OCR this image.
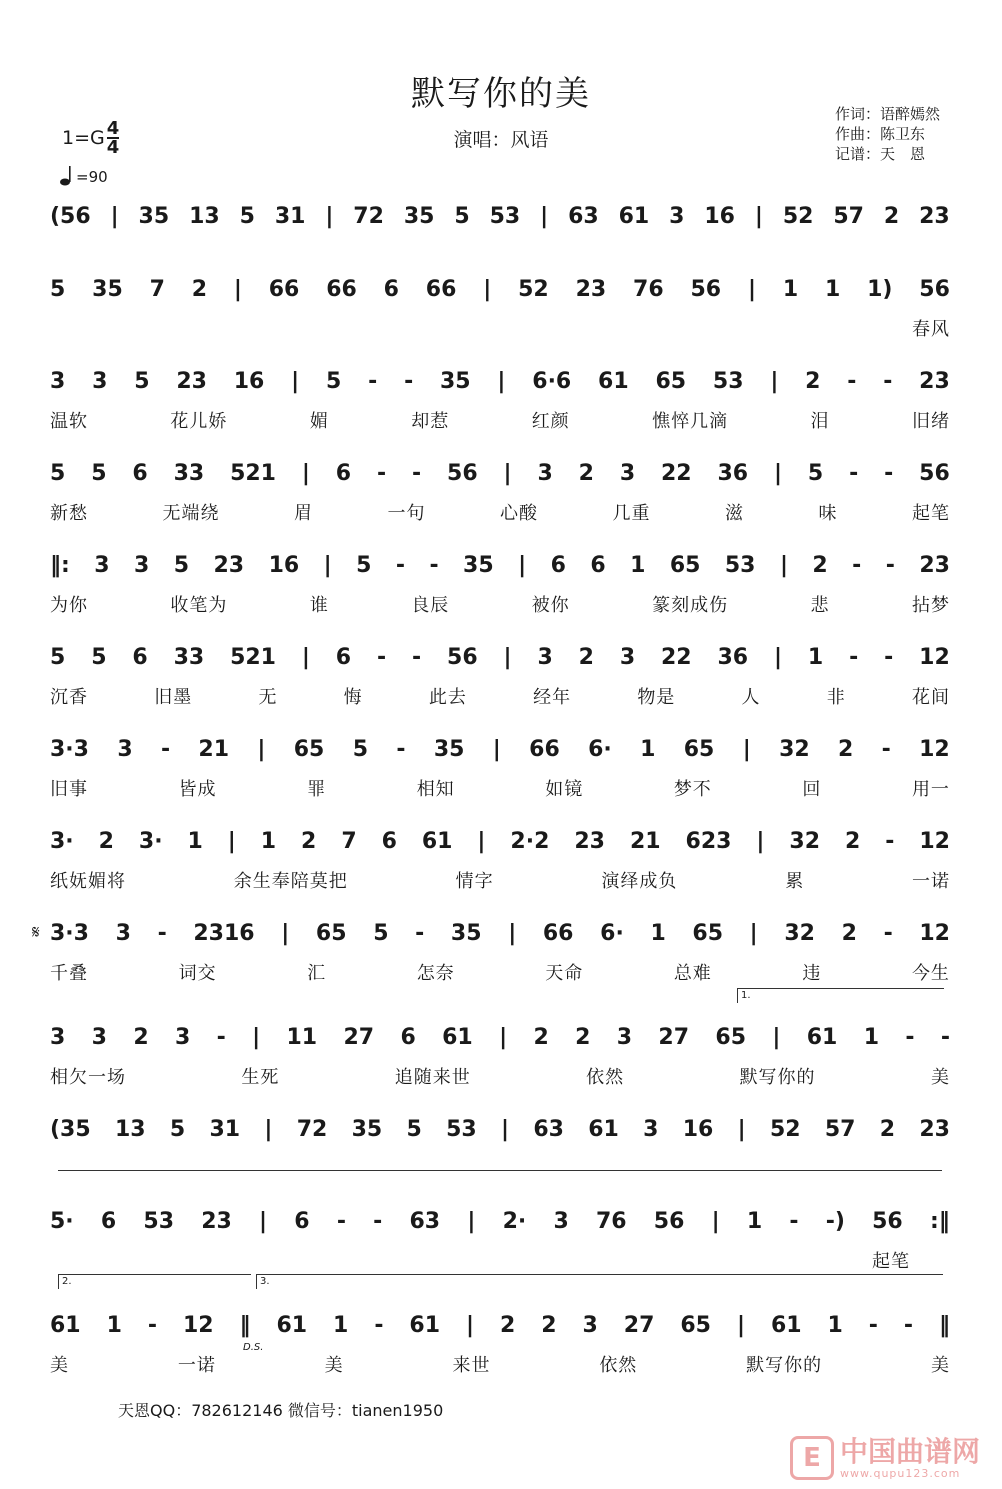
默写你的美
演唱：风语
作词：语醉嫣然
作曲：陈卫东
记谱：天　恩
$1=G \frac{4}{4}$
=90
(56 | 35 13 5 31 | 72 35 5 53 | 63 61 3 16 | 52 57 2 23
5 35 7 2 | 66 66 6 66 | 52 23 76 56 | 1 1 1) 56
春风
3 3 5 23 16 | 5 - - 35 | 6·6 61 65 53 | 2 - - 23
温软	花儿娇	媚	却惹	红颜	憔悴几滴	泪	旧绪
5 5 6 33 521 | 6 - - 56 | 3 2 3 22 36 | 5 - - 56
新愁	无端绕	眉	一句	心酸	几重	滋	味	起笔
‖: 3 3 5 23 16 | 5 - - 35 | 6 6 1 65 53 | 2 - - 23
为你	收笔为	谁	良辰	被你	篆刻成伤	悲	拈梦
5 5 6 33 521 | 6 - - 56 | 3 2 3 22 36 | 1 - - 12
沉香	旧墨	无	悔	此去	经年	物是	人	非	花间
3·3 3 - 21 | 65 5 - 35 | 66 6· 1 65 | 32 2 - 12
旧事	皆成	罪	相知	如镜	梦不	回	用一
3· 2 3· 1 | 1 2 7 6 61 | 2·2 23 21 623 | 32 2 - 12
纸妩媚将	余生奉陪莫把	情字	演绎成负	累	一诺
𝄋 3·3 3 - 2316 | 65 5 - 35 | 66 6· 1 65 | 32 2 - 12
千叠	词交	汇	怎奈	天命	总难	违	今生
1.
3 3 2 3 - | 11 27 6 61 | 2 2 3 27 65 | 61 1 - -
相欠一场	生死	追随来世	依然	默写你的	美
(35 13 5 31 | 72 35 5 53 | 63 61 3 16 | 52 57 2 23
5· 6 53 23 | 6 - - 63 | 2· 3 76 56 | 1 - -) 56 :‖
起笔
2.	3.
61 1 - 12 ‖ 61 1 - 61 | 2 2 3 27 65 | 61 1 - - ‖
美	一诺	美	来世	依然	默写你的	美
D.S.
天恩QQ：782612146 微信号：tianen1950
E 中国曲谱网
www.qupu123.com
